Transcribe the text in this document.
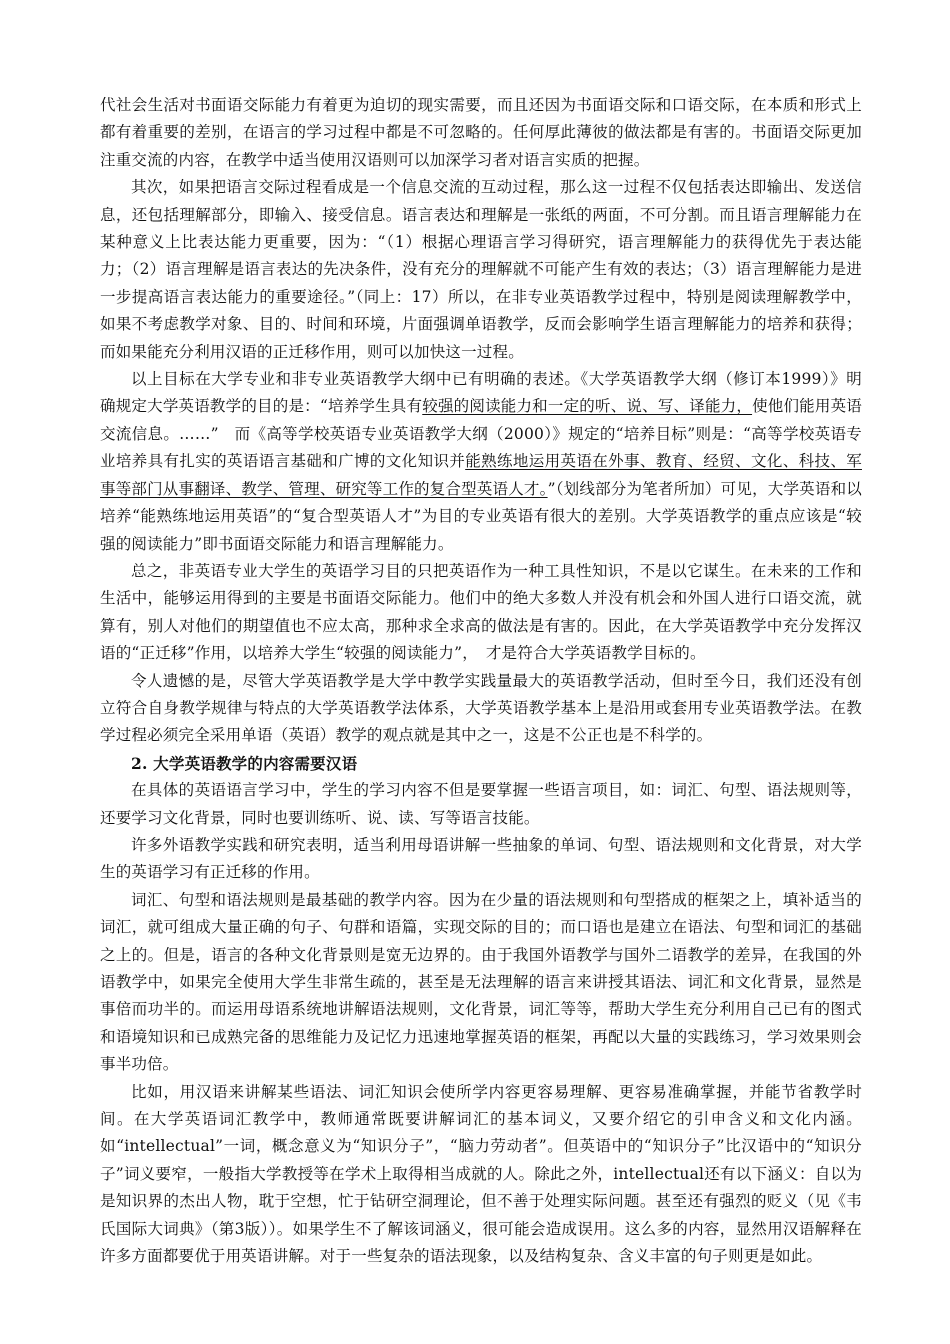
代社会生活对书面语交际能力有着更为迫切的现实需要，而且还因为书面语交际和口语交际，在本质和形式上都有着重要的差别，在语言的学习过程中都是不可忽略的。任何厚此薄彼的做法都是有害的。书面语交际更加注重交流的内容，在教学中适当使用汉语则可以加深学习者对语言实质的把握。

其次，如果把语言交际过程看成是一个信息交流的互动过程，那么这一过程不仅包括表达即输出、发送信息，还包括理解部分，即输入、接受信息。语言表达和理解是一张纸的两面，不可分割。而且语言理解能力在某种意义上比表达能力更重要，因为：“（1）根据心理语言学习得研究，语言理解能力的获得优先于表达能力；（2）语言理解是语言表达的先决条件，没有充分的理解就不可能产生有效的表达；（3）语言理解能力是进一步提高语言表达能力的重要途径。”（同上：17）所以，在非专业英语教学过程中，特别是阅读理解教学中，如果不考虑教学对象、目的、时间和环境，片面强调单语教学，反而会影响学生语言理解能力的培养和获得；而如果能充分利用汉语的正迁移作用，则可以加快这一过程。

以上目标在大学专业和非专业英语教学大纲中已有明确的表述。《大学英语教学大纲（修订本1999）》明确规定大学英语教学的目的是：“培养学生具有较强的阅读能力和一定的听、说、写、译能力，使他们能用英语交流信息。……”　而《高等学校英语专业英语教学大纲（2000）》规定的“培养目标”则是：“高等学校英语专业培养具有扎实的英语语言基础和广博的文化知识并能熟练地运用英语在外事、教育、经贸、文化、科技、军事等部门从事翻译、教学、管理、研究等工作的复合型英语人才。”（划线部分为笔者所加）可见，大学英语和以培养“能熟练地运用英语”的“复合型英语人才”为目的专业英语有很大的差别。大学英语教学的重点应该是“较强的阅读能力”即书面语交际能力和语言理解能力。

总之，非英语专业大学生的英语学习目的只把英语作为一种工具性知识，不是以它谋生。在未来的工作和生活中，能够运用得到的主要是书面语交际能力。他们中的绝大多数人并没有机会和外国人进行口语交流，就算有，别人对他们的期望值也不应太高，那种求全求高的做法是有害的。因此，在大学英语教学中充分发挥汉语的“正迁移”作用，以培养大学生“较强的阅读能力”，　才是符合大学英语教学目标的。

令人遗憾的是，尽管大学英语教学是大学中教学实践量最大的英语教学活动，但时至今日，我们还没有创立符合自身教学规律与特点的大学英语教学法体系，大学英语教学基本上是沿用或套用专业英语教学法。在教学过程必须完全采用单语（英语）教学的观点就是其中之一，这是不公正也是不科学的。

2. 大学英语教学的内容需要汉语

在具体的英语语言学习中，学生的学习内容不但是要掌握一些语言项目，如：词汇、句型、语法规则等，还要学习文化背景，同时也要训练听、说、读、写等语言技能。

许多外语教学实践和研究表明，适当利用母语讲解一些抽象的单词、句型、语法规则和文化背景，对大学生的英语学习有正迁移的作用。

词汇、句型和语法规则是最基础的教学内容。因为在少量的语法规则和句型搭成的框架之上，填补适当的词汇，就可组成大量正确的句子、句群和语篇，实现交际的目的；而口语也是建立在语法、句型和词汇的基础之上的。但是，语言的各种文化背景则是宽无边界的。由于我国外语教学与国外二语教学的差异，在我国的外语教学中，如果完全使用大学生非常生疏的，甚至是无法理解的语言来讲授其语法、词汇和文化背景，显然是事倍而功半的。而运用母语系统地讲解语法规则，文化背景，词汇等等，帮助大学生充分利用自己已有的图式和语境知识和已成熟完备的思维能力及记忆力迅速地掌握英语的框架，再配以大量的实践练习，学习效果则会事半功倍。

比如，用汉语来讲解某些语法、词汇知识会使所学内容更容易理解、更容易准确掌握，并能节省教学时间。在大学英语词汇教学中，教师通常既要讲解词汇的基本词义，又要介绍它的引申含义和文化内涵。如“intellectual”一词，概念意义为“知识分子”，“脑力劳动者”。但英语中的“知识分子”比汉语中的“知识分子”词义要窄，一般指大学教授等在学术上取得相当成就的人。除此之外，intellectual还有以下涵义：自以为是知识界的杰出人物，耽于空想，忙于钻研空洞理论，但不善于处理实际问题。甚至还有强烈的贬义（见《韦氏国际大词典》（第3版））。如果学生不了解该词涵义，很可能会造成误用。这么多的内容，显然用汉语解释在许多方面都要优于用英语讲解。对于一些复杂的语法现象，以及结构复杂、含义丰富的句子则更是如此。
